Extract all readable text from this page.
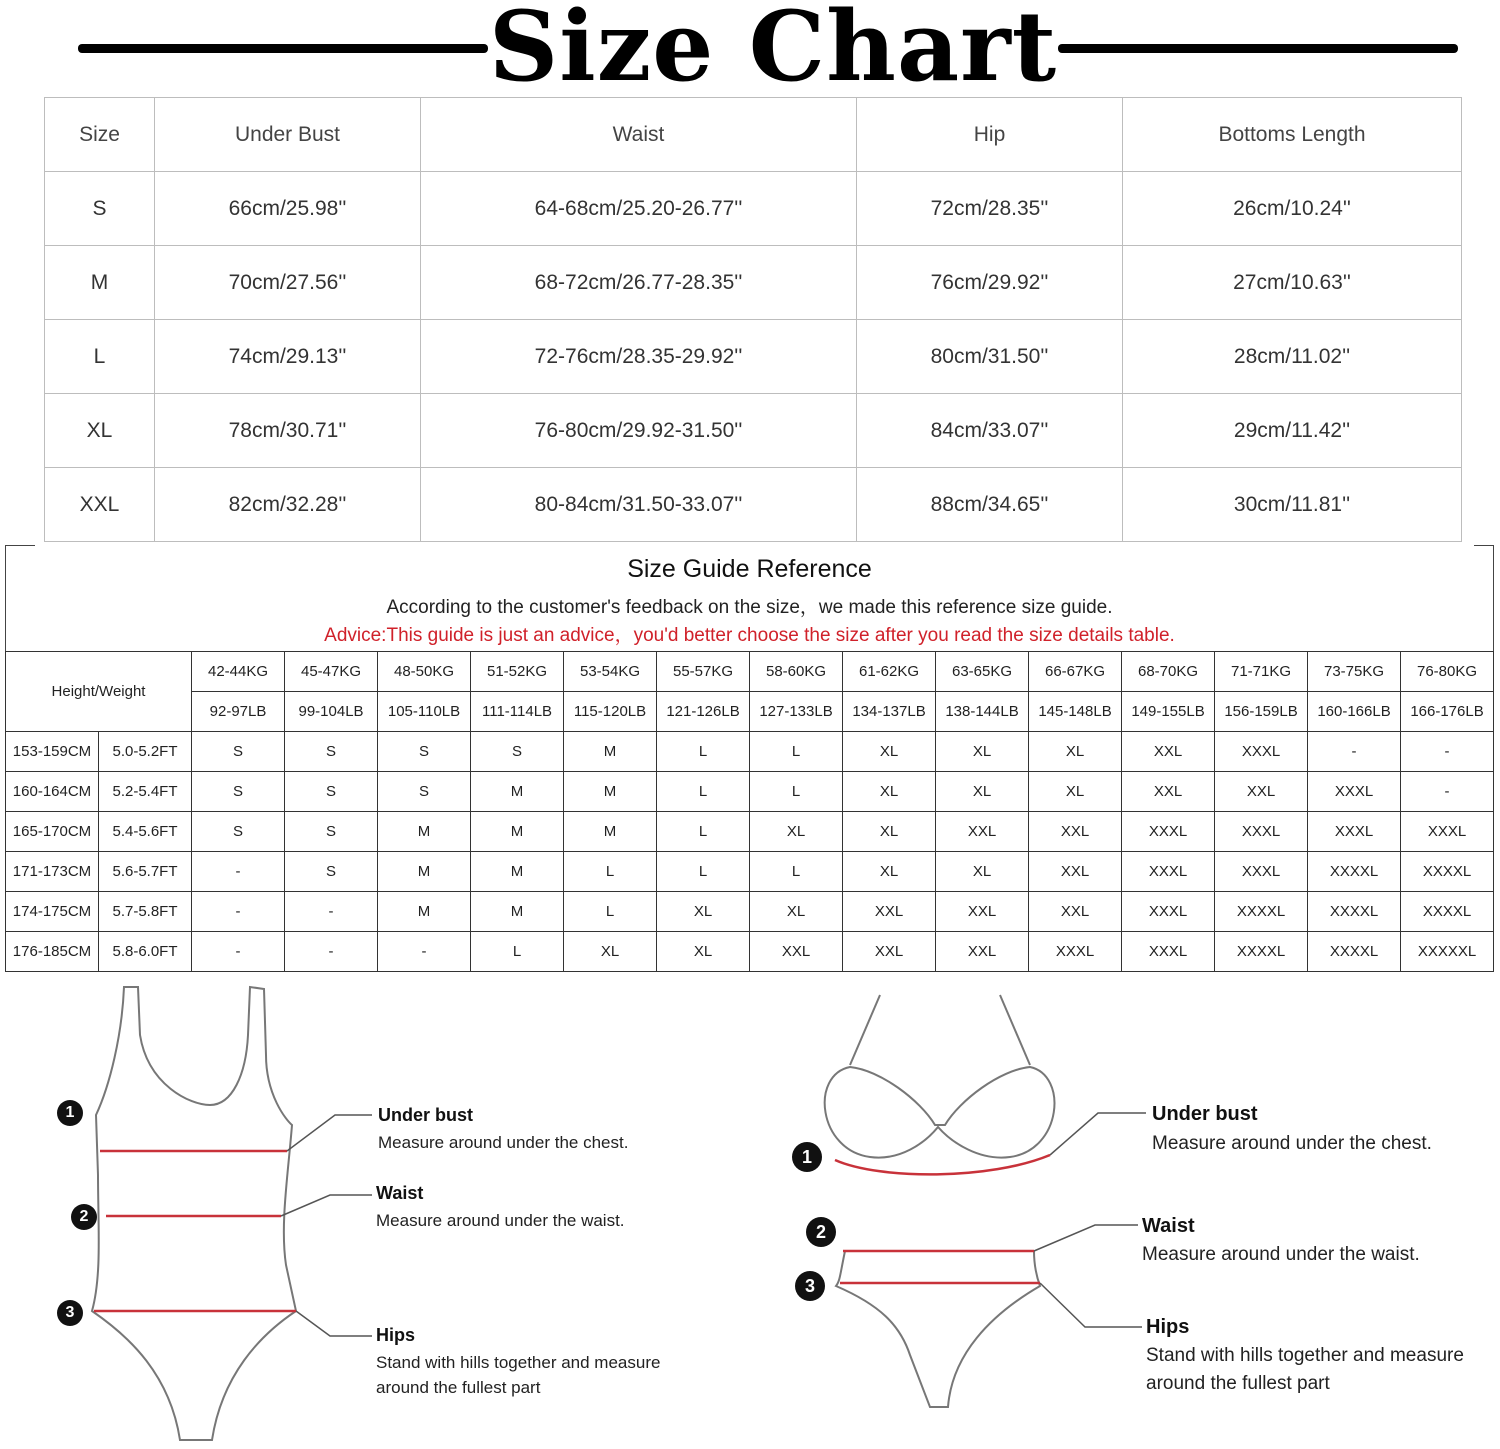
Size Chart
Size	Under Bust	Waist	Hip	Bottoms Length
S	66cm/25.98''	64-68cm/25.20-26.77''	72cm/28.35''	26cm/10.24''
M	70cm/27.56''	68-72cm/26.77-28.35''	76cm/29.92''	27cm/10.63''
L	74cm/29.13''	72-76cm/28.35-29.92''	80cm/31.50''	28cm/11.02''
XL	78cm/30.71''	76-80cm/29.92-31.50''	84cm/33.07''	29cm/11.42''
XXL	82cm/32.28''	80-84cm/31.50-33.07''	88cm/34.65''	30cm/11.81''
Size Guide Reference
According to the customer's feedback on the size，we made this reference size guide.
Advice:This guide is just an advice，you'd better choose the size after you read the size details table.
Height/Weight		42-44KG	45-47KG	48-50KG	51-52KG	53-54KG	55-57KG	58-60KG	61-62KG	63-65KG	66-67KG	68-70KG	71-71KG	73-75KG	76-80KG
		92-97LB	99-104LB	105-110LB	111-114LB	115-120LB	121-126LB	127-133LB	134-137LB	138-144LB	145-148LB	149-155LB	156-159LB	160-166LB	166-176LB
153-159CM	5.0-5.2FT	S	S	S	S	M	L	L	XL	XL	XL	XXL	XXXL	-	-
160-164CM	5.2-5.4FT	S	S	S	M	M	L	L	XL	XL	XL	XXL	XXL	XXXL	-
165-170CM	5.4-5.6FT	S	S	M	M	M	L	XL	XL	XXL	XXL	XXXL	XXXL	XXXL	XXXL
171-173CM	5.6-5.7FT	-	S	M	M	L	L	L	XL	XL	XXL	XXXL	XXXL	XXXXL	XXXXL
174-175CM	5.7-5.8FT	-	-	M	M	L	XL	XL	XXL	XXL	XXL	XXXL	XXXXL	XXXXL	XXXXL
176-185CM	5.8-6.0FT	-	-	-	L	XL	XL	XXL	XXL	XXL	XXXL	XXXL	XXXXL	XXXXL	XXXXXL
1
2
3
Under bust
Measure around under the chest.
Waist
Measure around under the waist.
Hips
Stand with hills together and measure
around the fullest part
1
2
3
Under bust
Measure around under the chest.
Waist
Measure around under the waist.
Hips
Stand with hills together and measure
around the fullest part
